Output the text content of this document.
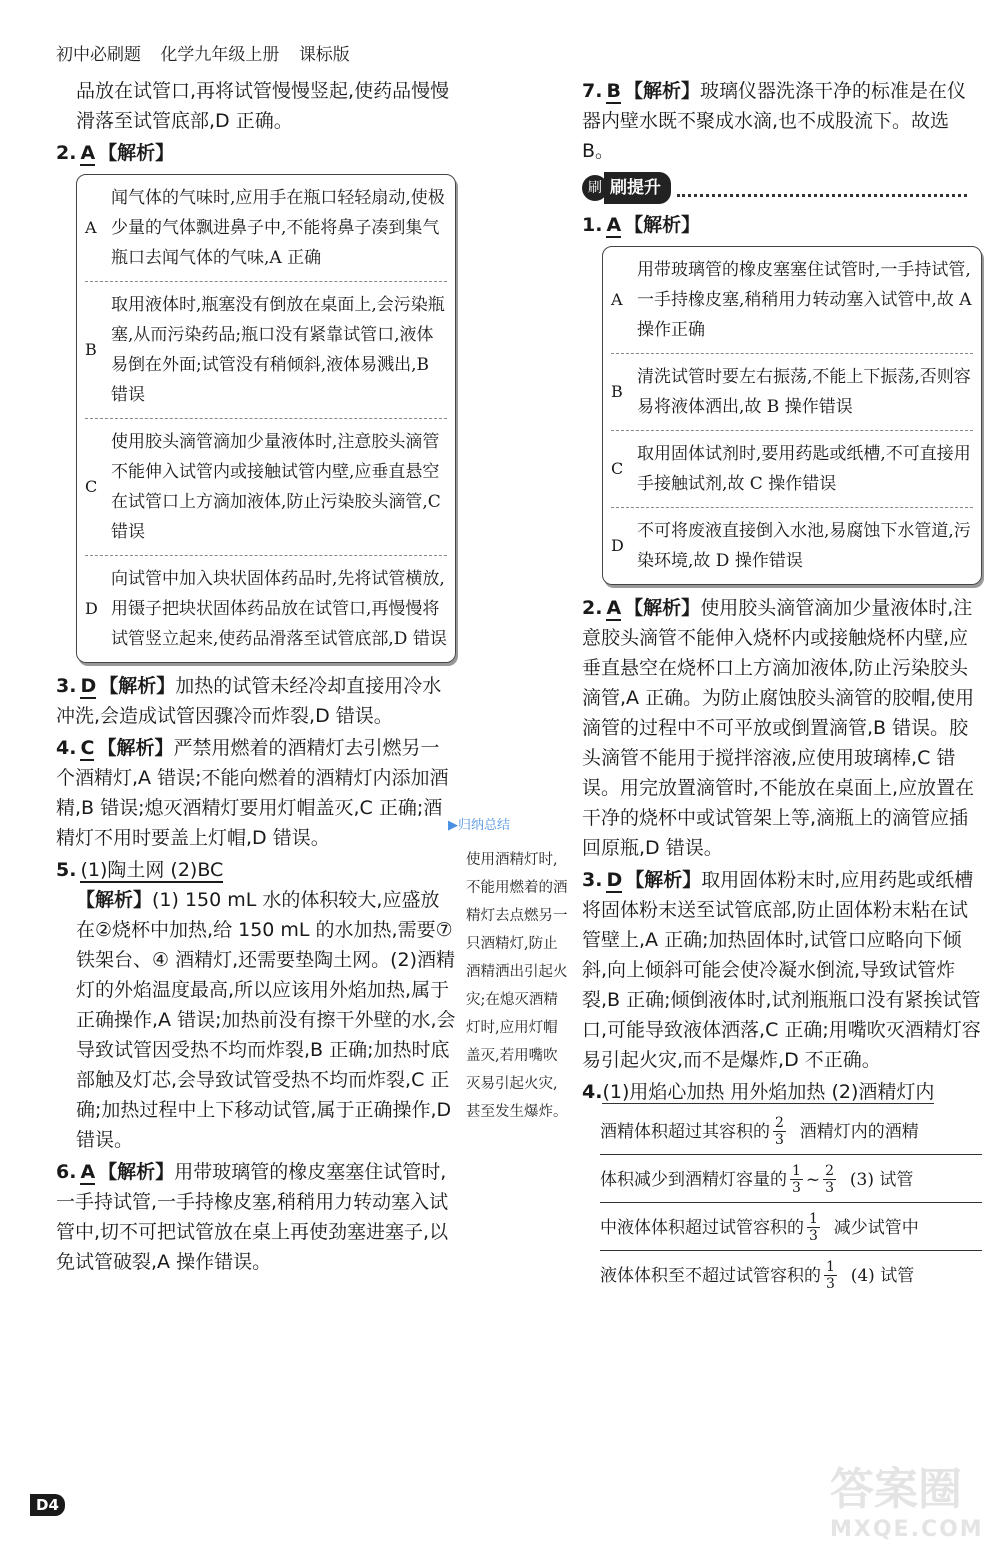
初中必刷题 化学九年级上册 课标版

品放在试管口,再将试管慢慢竖起,使药品慢慢滑落至试管底部,D 正确。

2. A 【解析】
A
闻气体的气味时,应用手在瓶口轻轻扇动,使极少量的气体飘进鼻子中,不能将鼻子凑到集气瓶口去闻气体的气味,A 正确
B
取用液体时,瓶塞没有倒放在桌面上,会污染瓶塞,从而污染药品;瓶口没有紧靠试管口,液体易倒在外面;试管没有稍倾斜,液体易溅出,B 错误
C
使用胶头滴管滴加少量液体时,注意胶头滴管不能伸入试管内或接触试管内壁,应垂直悬空在试管口上方滴加液体,防止污染胶头滴管,C 错误
D
向试管中加入块状固体药品时,先将试管横放,用镊子把块状固体药品放在试管口,再慢慢将试管竖立起来,使药品滑落至试管底部,D 错误
3. D 【解析】加热的试管未经冷却直接用冷水冲洗,会造成试管因骤冷而炸裂,D 错误。
4. C 【解析】严禁用燃着的酒精灯去引燃另一个酒精灯,A 错误;不能向燃着的酒精灯内添加酒精,B 错误;熄灭酒精灯要用灯帽盖灭,C 正确;酒精灯不用时要盖上灯帽,D 错误。
5. (1)陶土网 (2)BC
【解析】(1) 150 mL 水的体积较大,应盛放在②烧杯中加热,给 150 mL 的水加热,需要⑦铁架台、④ 酒精灯,还需要垫陶土网。(2)酒精灯的外焰温度最高,所以应该用外焰加热,属于正确操作,A 错误;加热前没有擦干外壁的水,会导致试管因受热不均而炸裂,B 正确;加热时底部触及灯芯,会导致试管受热不均而炸裂,C 正确;加热过程中上下移动试管,属于正确操作,D 错误。
6. A 【解析】用带玻璃管的橡皮塞塞住试管时,一手持试管,一手持橡皮塞,稍稍用力转动塞入试管中,切不可把试管放在桌上再使劲塞进塞子,以免试管破裂,A 操作错误。
▶归纳总结
使用酒精灯时,不能用燃着的酒精灯去点燃另一只酒精灯,防止酒精洒出引起火灾;在熄灭酒精灯时,应用灯帽盖灭,若用嘴吹灭易引起火灾,甚至发生爆炸。
7. B 【解析】玻璃仪器洗涤干净的标准是在仪器内壁水既不聚成水滴,也不成股流下。故选 B。
刷 刷提升
1. A 【解析】
A
用带玻璃管的橡皮塞塞住试管时,一手持试管,一手持橡皮塞,稍稍用力转动塞入试管中,故 A 操作正确
B
清洗试管时要左右振荡,不能上下振荡,否则容易将液体洒出,故 B 操作错误
C
取用固体试剂时,要用药匙或纸槽,不可直接用手接触试剂,故 C 操作错误
D
不可将废液直接倒入水池,易腐蚀下水管道,污染环境,故 D 操作错误
2. A 【解析】使用胶头滴管滴加少量液体时,注意胶头滴管不能伸入烧杯内或接触烧杯内壁,应垂直悬空在烧杯口上方滴加液体,防止污染胶头滴管,A 正确。为防止腐蚀胶头滴管的胶帽,使用滴管的过程中不可平放或倒置滴管,B 错误。胶头滴管不能用于搅拌溶液,应使用玻璃棒,C 错误。用完放置滴管时,不能放在桌面上,应放置在干净的烧杯中或试管架上等,滴瓶上的滴管应插回原瓶,D 错误。
3. D 【解析】取用固体粉末时,应用药匙或纸槽将固体粉末送至试管底部,防止固体粉末粘在试管壁上,A 正确;加热固体时,试管口应略向下倾斜,向上倾斜可能会使冷凝水倒流,导致试管炸裂,B 正确;倾倒液体时,试剂瓶瓶口没有紧挨试管口,可能导致液体洒落,C 正确;用嘴吹灭酒精灯容易引起火灾,而不是爆炸,D 不正确。
4.(1)用焰心加热 用外焰加热 (2)酒精灯内
酒精体积超过其容积的 $\frac{2}{3}$ 酒精灯内的酒精
体积减少到酒精灯容量的 $\frac{1}{3}$ ~ $\frac{2}{3} (3)$ 试管
中液体体积超过试管容积的 $\frac{1}{3}$ 减少试管中
液体体积至不超过试管容积的 $\frac{1}{3} (4)$ 试管
D4	答案圈
MXQE.COM
